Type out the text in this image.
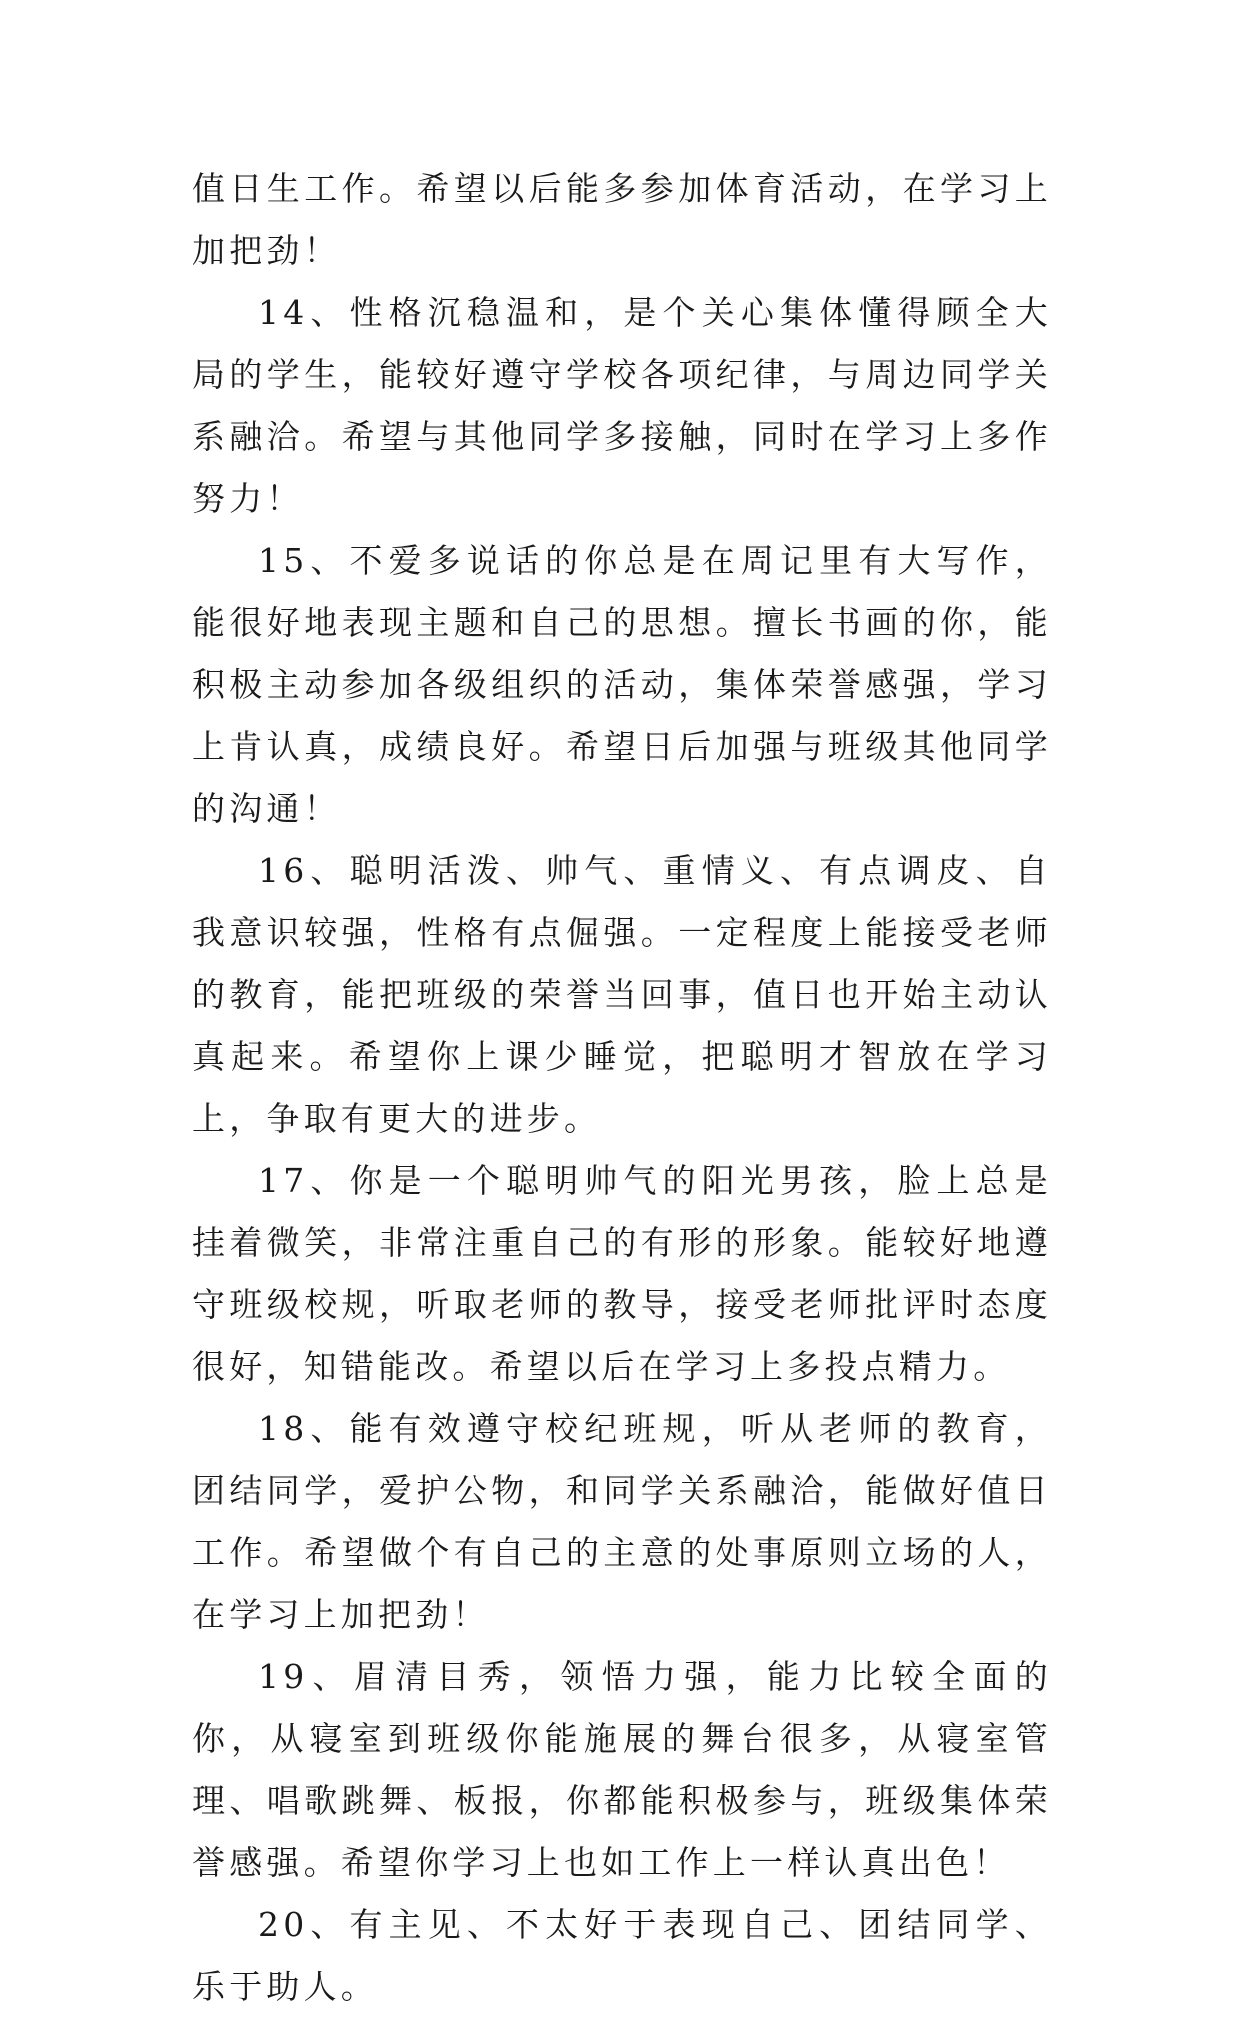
值日生工作。希望以后能多参加体育活动，在学习上加把劲！

14、性格沉稳温和，是个关心集体懂得顾全大局的学生，能较好遵守学校各项纪律，与周边同学关系融洽。希望与其他同学多接触，同时在学习上多作努力！

15、不爱多说话的你总是在周记里有大写作，能很好地表现主题和自己的思想。擅长书画的你，能积极主动参加各级组织的活动，集体荣誉感强，学习上肯认真，成绩良好。希望日后加强与班级其他同学的沟通！

16、聪明活泼、帅气、重情义、有点调皮、自我意识较强，性格有点倔强。一定程度上能接受老师的教育，能把班级的荣誉当回事，值日也开始主动认真起来。希望你上课少睡觉，把聪明才智放在学习上，争取有更大的进步。

17、你是一个聪明帅气的阳光男孩，脸上总是挂着微笑，非常注重自己的有形的形象。能较好地遵守班级校规，听取老师的教导，接受老师批评时态度很好，知错能改。希望以后在学习上多投点精力。

18、能有效遵守校纪班规，听从老师的教育，团结同学，爱护公物，和同学关系融洽，能做好值日工作。希望做个有自己的主意的处事原则立场的人，在学习上加把劲！

19、眉清目秀，领悟力强，能力比较全面的你，从寝室到班级你能施展的舞台很多，从寝室管理、唱歌跳舞、板报，你都能积极参与，班级集体荣誉感强。希望你学习上也如工作上一样认真出色！

20、有主见、不太好于表现自己、团结同学、乐于助人。
